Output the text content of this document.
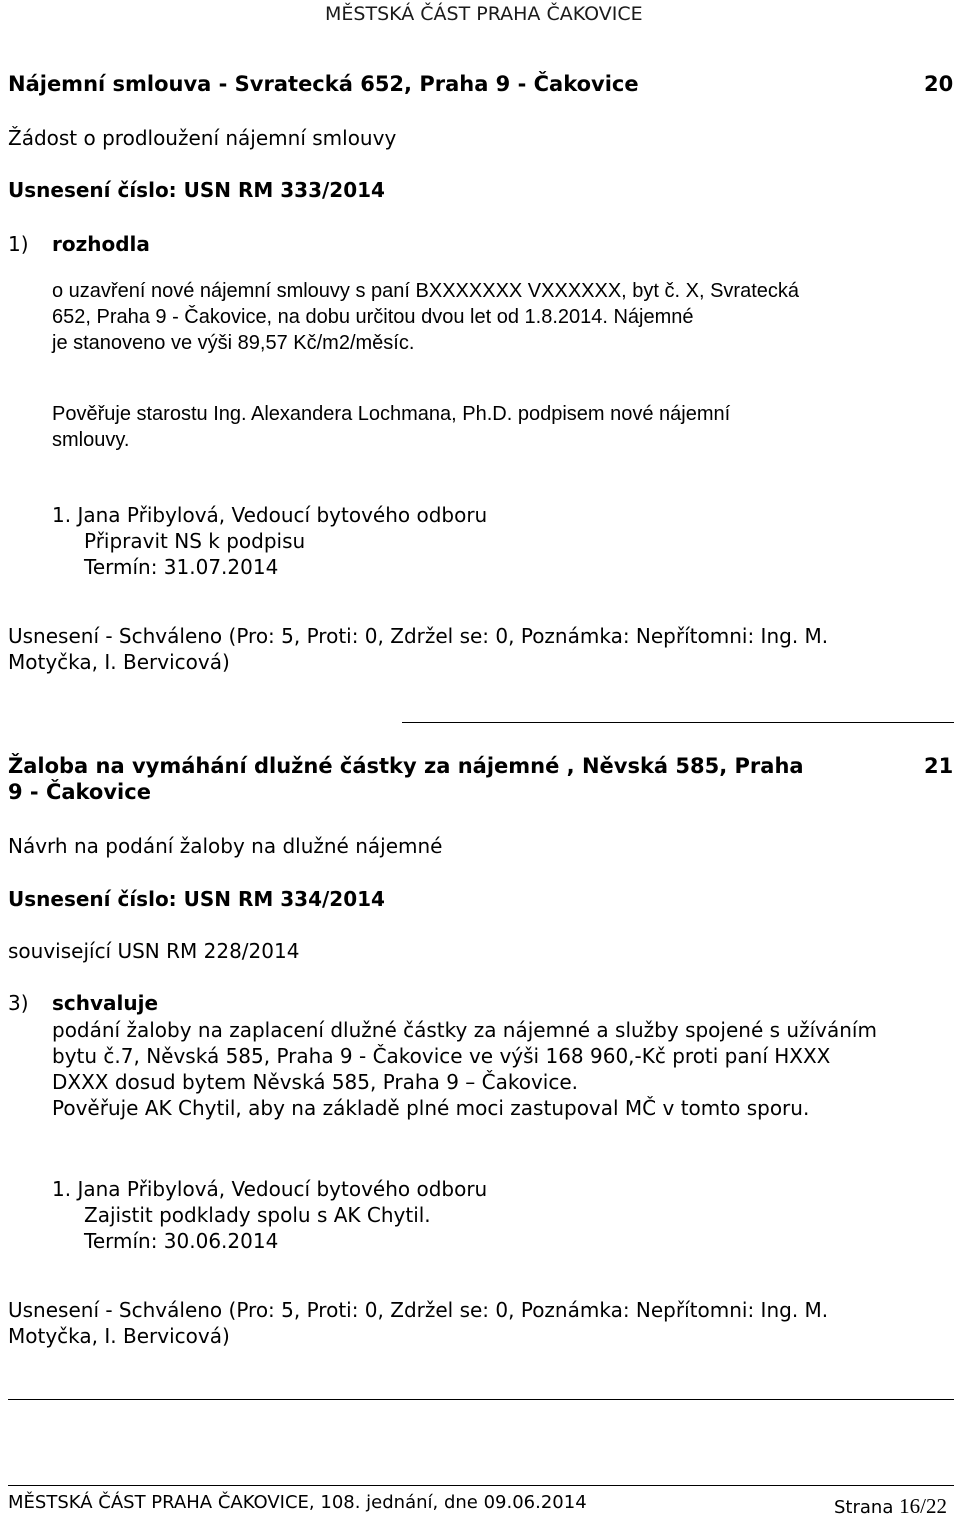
MĚSTSKÁ ČÁST PRAHA ČAKOVICE
Nájemní smlouva - Svratecká 652, Praha 9 - Čakovice	20
Žádost o prodloužení nájemní smlouvy
Usnesení číslo: USN RM 333/2014
1) rozhodla
o uzavření nové nájemní smlouvy s paní BXXXXXXX VXXXXXX, byt č. X, Svratecká
652, Praha 9 - Čakovice, na dobu určitou dvou let od 1.8.2014. Nájemné
je stanoveno ve výši 89,57 Kč/m2/měsíc.
Pověřuje starostu Ing. Alexandera Lochmana, Ph.D. podpisem nové nájemní
smlouvy.
1. Jana Přibylová, Vedoucí bytového odboru
Připravit NS k podpisu
Termín: 31.07.2014
Usnesení - Schváleno (Pro: 5, Proti: 0, Zdržel se: 0, Poznámka: Nepřítomni: Ing. M.
Motyčka, I. Bervicová)
Žaloba na vymáhání dlužné částky za nájemné , Něvská 585, Praha
9 - Čakovice
21
Návrh na podání žaloby na dlužné nájemné
Usnesení číslo: USN RM 334/2014
související USN RM 228/2014
3) schvaluje
podání žaloby na zaplacení dlužné částky za nájemné a služby spojené s užíváním
bytu č.7, Něvská 585, Praha 9 - Čakovice ve výši 168 960,-Kč proti paní HXXX
DXXX dosud bytem Něvská 585, Praha 9 – Čakovice.
Pověřuje AK Chytil, aby na základě plné moci zastupoval MČ v tomto sporu.
1. Jana Přibylová, Vedoucí bytového odboru
Zajistit podklady spolu s AK Chytil.
Termín: 30.06.2014
Usnesení - Schváleno (Pro: 5, Proti: 0, Zdržel se: 0, Poznámka: Nepřítomni: Ing. M.
Motyčka, I. Bervicová)
MĚSTSKÁ ČÁST PRAHA ČAKOVICE, 108. jednání, dne 09.06.2014	Strana 16/22
